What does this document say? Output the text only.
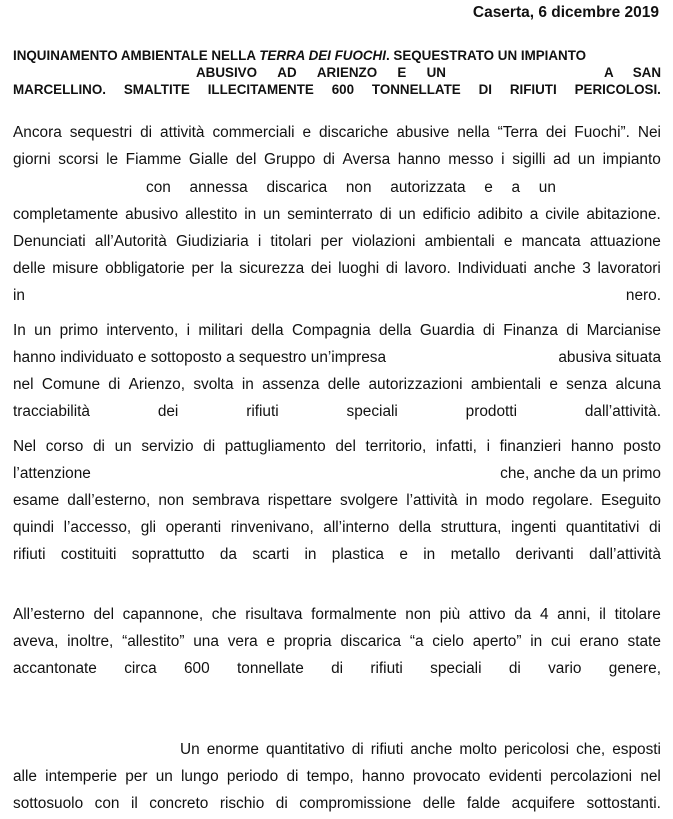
Caserta, 6 dicembre 2019
INQUINAMENTO AMBIENTALE NELLA TERRA DEI FUOCHI. SEQUESTRATO UN IMPIANTO
ABUSIVO AD ARIENZO E UN	A SAN
MARCELLINO. SMALTITE ILLECITAMENTE 600 TONNELLATE DI RIFIUTI PERICOLOSI.
Ancora sequestri di attività commerciali e discariche abusive nella “Terra dei Fuochi”. Nei
giorni scorsi le Fiamme Gialle del Gruppo di Aversa hanno messo i sigilli ad un impianto
con annessa discarica non autorizzata e a un
completamente abusivo allestito in un seminterrato di un edificio adibito a civile abitazione.
Denunciati all’Autorità Giudiziaria i titolari per violazioni ambientali e mancata attuazione
delle misure obbligatorie per la sicurezza dei luoghi di lavoro. Individuati anche 3 lavoratori
in	nero.
In un primo intervento, i militari della Compagnia della Guardia di Finanza di Marcianise
hanno individuato e sottoposto a sequestro un’impresa	abusiva situata
nel Comune di Arienzo, svolta in assenza delle autorizzazioni ambientali e senza alcuna
tracciabilità	dei	rifiuti	speciali	prodotti	dall’attività.
Nel corso di un servizio di pattugliamento del territorio, infatti, i finanzieri hanno posto
l’attenzione	che, anche da un primo
esame dall’esterno, non sembrava rispettare svolgere l’attività in modo regolare. Eseguito
quindi l’accesso, gli operanti rinvenivano, all’interno della struttura, ingenti quantitativi di
rifiuti costituiti soprattutto da scarti in plastica e in metallo derivanti dall’attività
All’esterno del capannone, che risultava formalmente non più attivo da 4 anni, il titolare
aveva, inoltre, “allestito” una vera e propria discarica “a cielo aperto” in cui erano state
accantonate circa 600 tonnellate di rifiuti speciali di vario genere,
Un enorme quantitativo di rifiuti anche molto pericolosi che, esposti
alle intemperie per un lungo periodo di tempo, hanno provocato evidenti percolazioni nel
sottosuolo con il concreto rischio di compromissione delle falde acquifere sottostanti.
